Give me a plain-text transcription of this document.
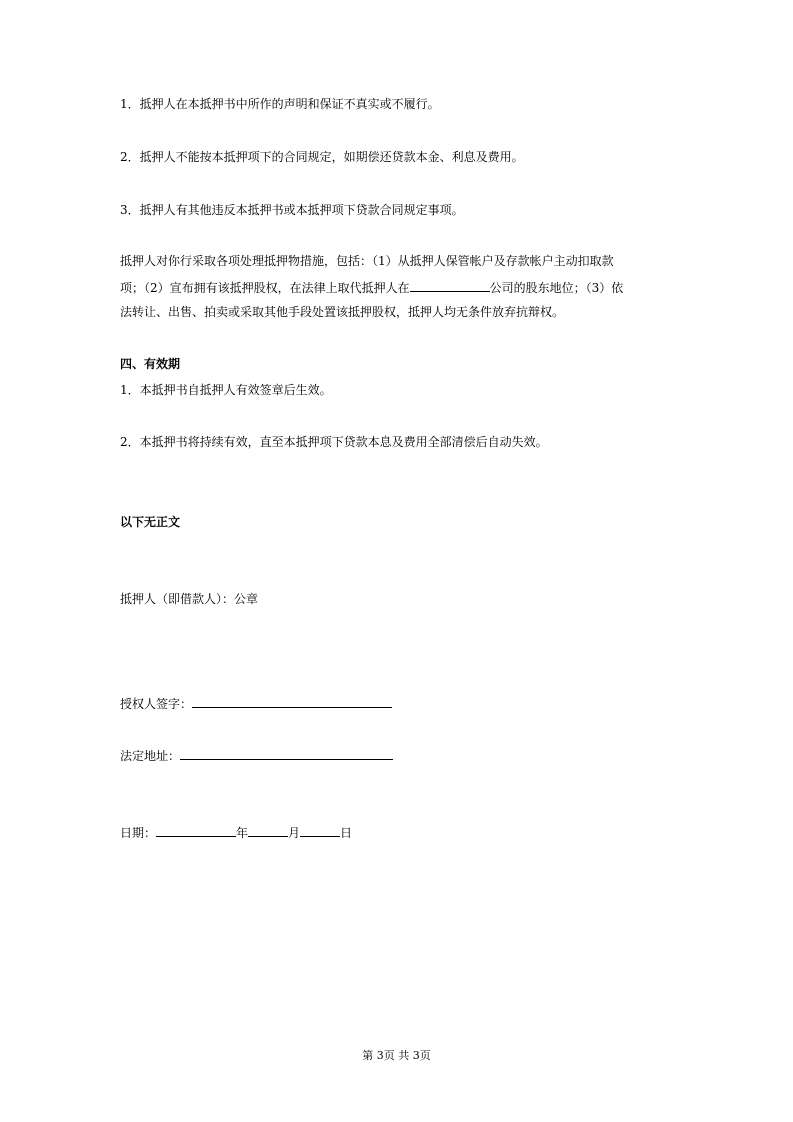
1．抵押人在本抵押书中所作的声明和保证不真实或不履行。
2．抵押人不能按本抵押项下的合同规定，如期偿还贷款本金、利息及费用。
3．抵押人有其他违反本抵押书或本抵押项下贷款合同规定事项。
抵押人对你行采取各项处理抵押物措施，包括：（1）从抵押人保管帐户及存款帐户主动扣取款
项；（2）宣布拥有该抵押股权，在法律上取代抵押人在	公司的股东地位；（3）依
法转让、出售、拍卖或采取其他手段处置该抵押股权，抵押人均无条件放弃抗辩权。
四、有效期
1．本抵押书自抵押人有效签章后生效。
2．本抵押书将持续有效，直至本抵押项下贷款本息及费用全部清偿后自动失效。
以下无正文
抵押人（即借款人）：公章
授权人签字：
法定地址：
日期：	年	月	日
第 3页 共 3页
